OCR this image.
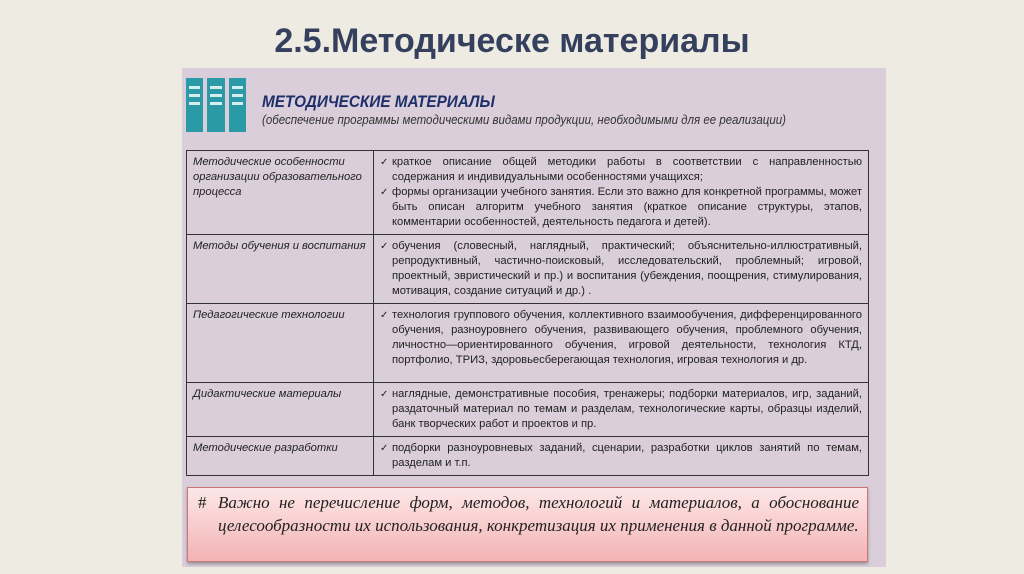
2.5.Методическе материалы
МЕТОДИЧЕСКИЕ МАТЕРИАЛЫ
(обеспечение программы методическими видами продукции, необходимыми для ее реализации)
Методические особенности организации образовательного процесса	✓ краткое описание общей методики работы в соответствии с направленностью содержания и индивидуальными особенностями учащихся;
✓ формы организации учебного занятия. Если это важно для конкретной программы, может быть описан алгоритм учебного занятия (краткое описание структуры, этапов, комментарии особенностей, деятельность педагога и детей).

Методы обучения и воспитания	✓ обучения (словесный, наглядный, практический; объяснительно-иллюстративный, репродуктивный, частично-поисковый, исследовательский, проблемный; игровой, проектный, эвристический и пр.) и воспитания (убеждения, поощрения, стимулирования, мотивация, создание ситуаций и др.) .

Педагогические технологии	✓ технология группового обучения, коллективного взаимообучения, дифференцированного обучения, разноуровнего обучения, развивающего обучения, проблемного обучения, личностно—ориентированного обучения, игровой деятельности, технология КТД, портфолио, ТРИЗ, здоровьесберегающая технология, игровая технология и др.

Дидактические материалы	✓ наглядные, демонстративные пособия, тренажеры; подборки материалов, игр, заданий, раздаточный материал по темам и разделам, технологические карты, образцы изделий, банк творческих работ и проектов и пр.

Методические разработки	✓ подборки разноуровневых заданий, сценарии, разработки циклов занятий по темам, разделам и т.п.
# Важно не перечисление форм, методов, технологий и материалов, а обоснование целесообразности их использования, конкретизация их применения в данной программе.
